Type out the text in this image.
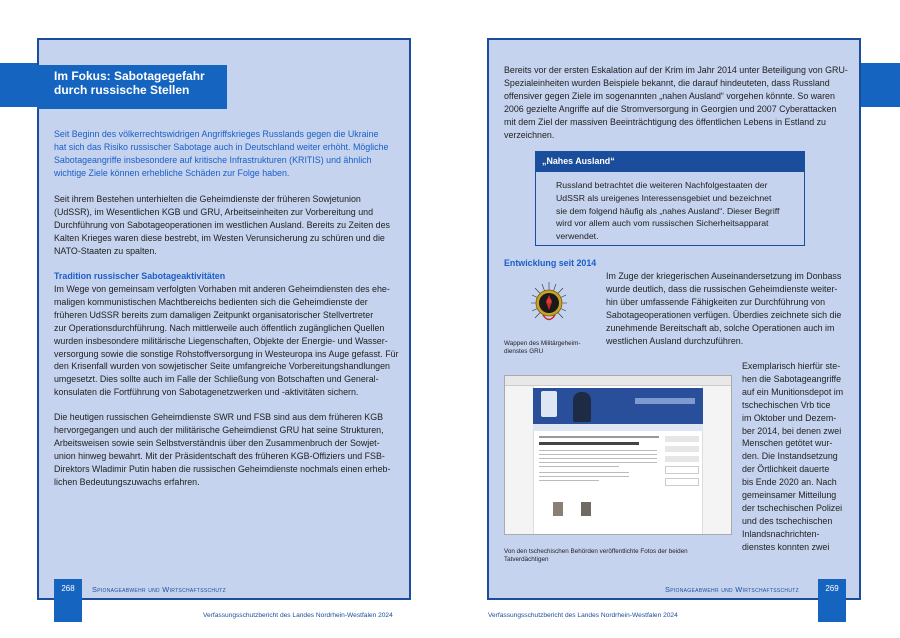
Im Fokus: Sabotagegefahr
durch russische Stellen
Seit Beginn des völkerrechtswidrigen Angriffskrieges Russlands gegen die Ukraine
hat sich das Risiko russischer Sabotage auch in Deutschland weiter erhöht. Mögliche
Sabotageangriffe insbesondere auf kritische Infrastrukturen (KRITIS) und ähnlich
wichtige Ziele können erhebliche Schäden zur Folge haben.
Seit ihrem Bestehen unterhielten die Geheimdienste der früheren Sowjetunion
(UdSSR), im Wesentlichen KGB und GRU, Arbeitseinheiten zur Vorbereitung und
Durchführung von Sabotageoperationen im westlichen Ausland. Bereits zu Zeiten des
Kalten Krieges waren diese bestrebt, im Westen Verunsicherung zu schüren und die
NATO-Staaten zu spalten.
Tradition russischer Sabotageaktivitäten
Im Wege von gemeinsam verfolgten Vorhaben mit anderen Geheimdiensten des ehe-
maligen kommunistischen Machtbereichs bedienten sich die Geheimdienste der
früheren UdSSR bereits zum damaligen Zeitpunkt organisatorischer Stellvertreter
zur Operationsdurchführung. Nach mittlerweile auch öffentlich zugänglichen Quellen
wurden insbesondere militärische Liegenschaften, Objekte der Energie- und Wasser-
versorgung sowie die sonstige Rohstoffversorgung in Westeuropa ins Auge gefasst. Für
den Krisenfall wurden von sowjetischer Seite umfangreiche Vorbereitungshandlungen
umgesetzt. Dies sollte auch im Falle der Schließung von Botschaften und General-
konsulaten die Fortführung von Sabotagenetzwerken und -aktivitäten sichern.
Die heutigen russischen Geheimdienste SWR und FSB sind aus dem früheren KGB
hervorgegangen und auch der militärische Geheimdienst GRU hat seine Strukturen,
Arbeitsweisen sowie sein Selbstverständnis über den Zusammenbruch der Sowjet-
union hinweg bewahrt. Mit der Präsidentschaft des früheren KGB-Offiziers und FSB-
Direktors Wladimir Putin haben die russischen Geheimdienste nochmals einen erheb-
lichen Bedeutungszuwachs erfahren.
268	Spionageabwehr und Wirtschaftsschutz
Verfassungsschutzbericht des Landes Nordrhein-Westfalen 2024
Bereits vor der ersten Eskalation auf der Krim im Jahr 2014 unter Beteiligung von GRU-
Spezialeinheiten wurden Beispiele bekannt, die darauf hindeuteten, dass Russland
offensiver gegen Ziele im sogenannten „nahen Ausland“ vorgehen könnte. So waren
2006 gezielte Angriffe auf die Stromversorgung in Georgien und 2007 Cyberattacken
mit dem Ziel der massiven Beeinträchtigung des öffentlichen Lebens in Estland zu
verzeichnen.
„Nahes Ausland“
Russland betrachtet die weiteren Nachfolgestaaten der
UdSSR als ureigenes Interessensgebiet und bezeichnet
sie dem folgend häufig als „nahes Ausland“. Dieser Begriff
wird vor allem auch vom russischen Sicherheitsapparat
verwendet.
Entwicklung seit 2014
Wappen des Militärgeheim-
dienstes GRU
Im Zuge der kriegerischen Auseinandersetzung im Donbass
wurde deutlich, dass die russischen Geheimdienste weiter-
hin über umfassende Fähigkeiten zur Durchführung von
Sabotageoperationen verfügen. Überdies zeichnete sich die
zunehmende Bereitschaft ab, solche Operationen auch im
westlichen Ausland durchzuführen.
Exemplarisch hierfür ste-
hen die Sabotageangriffe
auf ein Munitionsdepot im
tschechischen Vrb tice
im Oktober und Dezem-
ber 2014, bei denen zwei
Menschen getötet wur-
den. Die Instandsetzung
der Örtlichkeit dauerte
bis Ende 2020 an. Nach
gemeinsamer Mitteilung
der tschechischen Polizei
und des tschechischen
Inlandsnachrichten-
dienstes konnten zwei
Von den tschechischen Behörden veröffentlichte Fotos der beiden
Tatverdächtigen
269
Spionageabwehr und Wirtschaftsschutz
Verfassungsschutzbericht des Landes Nordrhein-Westfalen 2024
